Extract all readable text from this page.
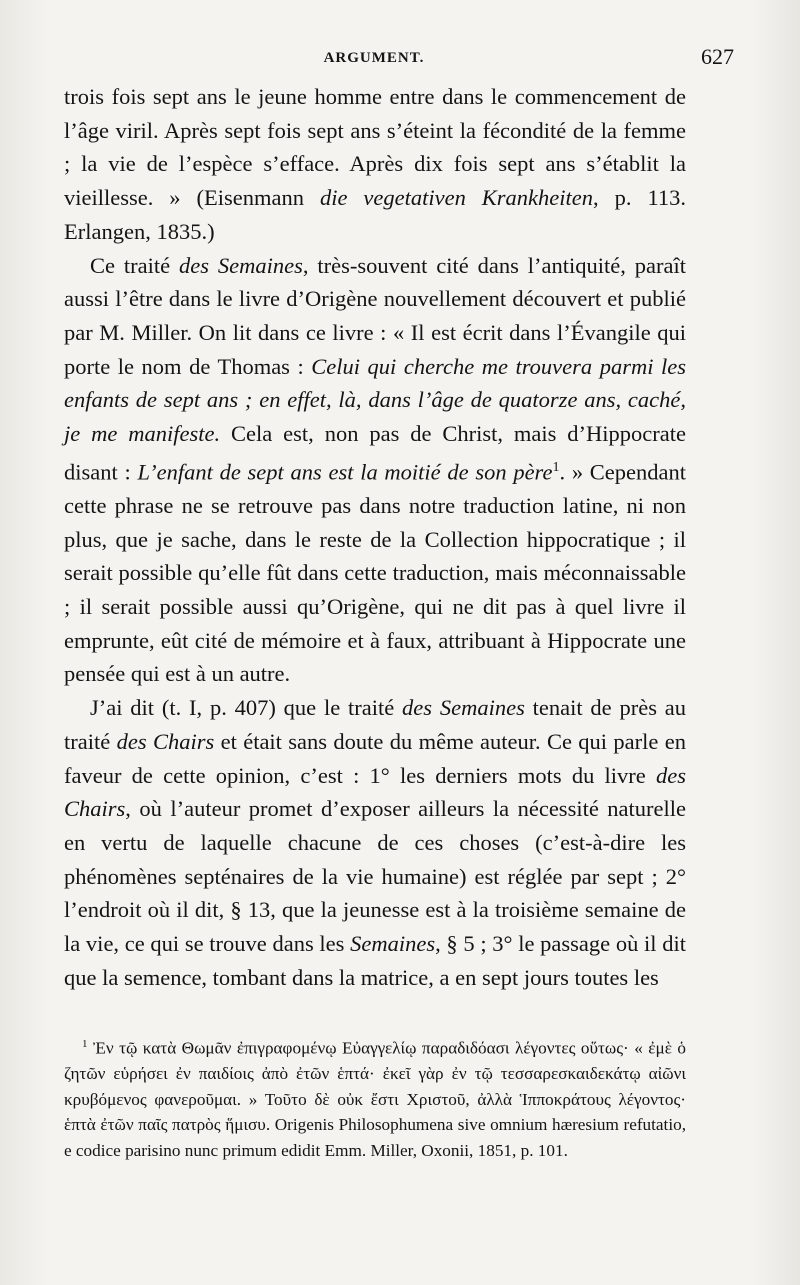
ARGUMENT.	627

trois fois sept ans le jeune homme entre dans le commencement de l’âge viril. Après sept fois sept ans s’éteint la fécondité de la femme ; la vie de l’espèce s’efface. Après dix fois sept ans s’établit la vieillesse. » (Eisenmann die vegetativen Krankheiten, p. 113. Erlangen, 1835.)

Ce traité des Semaines, très-souvent cité dans l’antiquité, paraît aussi l’être dans le livre d’Origène nouvellement découvert et publié par M. Miller. On lit dans ce livre : « Il est écrit dans l’Évangile qui porte le nom de Thomas : Celui qui cherche me trouvera parmi les enfants de sept ans ; en effet, là, dans l’âge de quatorze ans, caché, je me manifeste. Cela est, non pas de Christ, mais d’Hippocrate disant : L’enfant de sept ans est la moitié de son père$^1$. » Cependant cette phrase ne se retrouve pas dans notre traduction latine, ni non plus, que je sache, dans le reste de la Collection hippocratique ; il serait possible qu’elle fût dans cette traduction, mais méconnaissable ; il serait possible aussi qu’Origène, qui ne dit pas à quel livre il emprunte, eût cité de mémoire et à faux, attribuant à Hippocrate une pensée qui est à un autre.

J’ai dit (t. I, p. 407) que le traité des Semaines tenait de près au traité des Chairs et était sans doute du même auteur. Ce qui parle en faveur de cette opinion, c’est : 1° les derniers mots du livre des Chairs, où l’auteur promet d’exposer ailleurs la nécessité naturelle en vertu de laquelle chacune de ces choses (c’est-à-dire les phénomènes septénaires de la vie humaine) est réglée par sept ; 2° l’endroit où il dit, § 13, que la jeunesse est à la troisième semaine de la vie, ce qui se trouve dans les Semaines, § 5 ; 3° le passage où il dit que la semence, tombant dans la matrice, a en sept jours toutes les

$^1$ Ἐν τῷ κατὰ Θωμᾶν ἐπιγραφομένῳ Εὐαγγελίῳ παραδιδόασι λέγοντες οὕτως· « ἐμὲ ὁ ζητῶν εὑρήσει ἐν παιδίοις ἀπὸ ἐτῶν ἑπτά· ἐκεῖ γὰρ ἐν τῷ τεσσαρεσκαιδεκάτῳ αἰῶνι κρυβόμενος φανεροῦμαι. » Τοῦτο δὲ οὐκ ἔστι Χριστοῦ, ἀλλὰ Ἱπποκράτους λέγοντος· ἑπτὰ ἐτῶν παῖς πατρὸς ἥμισυ. Origenis Philosophumena sive omnium hæresium refutatio, e codice parisino nunc primum edidit Emm. Miller, Oxonii, 1851, p. 101.
